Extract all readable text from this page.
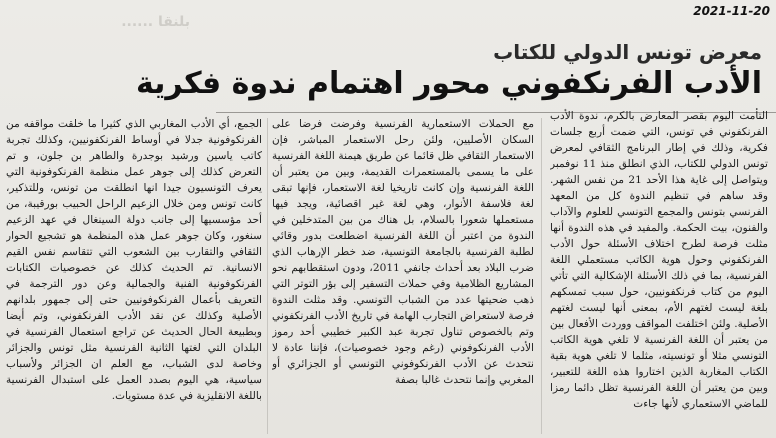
2021-11-20
بلنقا ......
معرض تونس الدولي للكتاب
الأدب الفرنكفوني محور اهتمام ندوة فكرية

التأمت اليوم بقصر المعارض بالكرم، ندوة الأدب الفرنكفوني في تونس، التي ضمت أربع جلسات فكرية، وذلك في إطار البرنامج الثقافي لمعرض تونس الدولي للكتاب، الذي انطلق منذ 11 نوفمبر ويتواصل إلى غاية هذا الأحد 21 من نفس الشهر. وقد ساهم في تنظيم الندوة كل من المعهد الفرنسي بتونس والمجمع التونسي للعلوم والآداب والفنون، بيت الحكمة. والمفيد في هذه الندوة أنها مثلت فرصة لطرح اختلاف الأسئلة حول الأدب الفرنكفوني وحول هوية الكاتب مستعملي اللغة الفرنسية، بما في ذلك الأسئلة الإشكالية التي تأتي اليوم من كتاب فرنكفونيين، حول سبب تمسكهم بلغة ليست لغتهم الأم، بمعنى أنها ليست لغتهم الأصلية. ولئن اختلفت المواقف ووردت الأفعال بين من يعتبر أن اللغة الفرنسية لا تلغي هوية الكاتب التونسي مثلا أو تونسيته، مثلما لا تلغي هوية بقية الكتاب المغاربة الذين اختاروا هذه اللغة للتعبير، وبين من يعتبر أن اللغة الفرنسية تظل دائما رمزا للماضي الاستعماري لأنها جاءت

مع الحملات الاستعمارية الفرنسية وفرضت فرضا على السكان الأصليين، ولئن رحل الاستعمار المباشر، فإن الاستعمار الثقافي ظل قائما عن طريق هيمنة اللغة الفرنسية على ما يسمى بالمستعمرات القديمة، وبين من يعتبر أن اللغة الفرنسية وإن كانت تاريخيا لغة الاستعمار، فإنها تبقى لغة فلاسفة الأنوار، وهي لغة غير اقصائية، ويجد فيها مستعملها شعورا بالسلام، بل هناك من بين المتدخلين في الندوة من اعتبر أن اللغة الفرنسية اضطلعت بدور وقائي لطلبة الفرنسية بالجامعة التونسية، ضد خطر الإرهاب الذي ضرب البلاد بعد أحداث جانفي 2011، ودون استقطابهم نحو المشاريع الظلامية وفي حملات التسفير إلى بؤر التوتر التي ذهب ضحيتها عدد من الشباب التونسي. وقد مثلت الندوة فرصة لاستعراض التجارب الهامة في تاريخ الأدب الفرنكفوني وتم بالخصوص تناول تجربة عبد الكبير خطيبي أحد رموز الأدب الفرنكوفوني (رغم وجود خصوصيات)، فإننا عادة لا نتحدث عن الأدب الفرنكوفوني التونسي أو الجزائري أو المغربي وإنما نتحدث غالبا بصفة

الجمع، أي الأدب المغاربي الذي كثيرا ما خلقت مواقفه من الفرنكوفونية جدلا في أوساط الفرنكفونيين، وكذلك تجربة كاتب ياسين ورشيد بوجدرة والطاهر بن جلون، و تم التعرض كذلك إلى جوهر عمل منظمة الفرنكوفونية التي يعرف التونسيون جيدا انها انطلقت من تونس، وللتذكير، كانت تونس ومن خلال الزعيم الراحل الحبيب بورقيبة، من أحد مؤسسيها إلى جانب دولة السينغال في عهد الزعيم سنغور، وكان جوهر عمل هذه المنظمة هو تشجيع الحوار الثقافي والتقارب بين الشعوب التي تتقاسم نفس القيم الانسانية. تم الحديث كذلك عن خصوصيات الكتابات الفرنكوفونية الفنية والجمالية وعن دور الترجمة في التعريف بأعمال الفرنكوفونيين حتى إلى جمهور بلدانهم الأصلية وكذلك عن نقد الأدب الفرنكفوني، وتم أيضا وبطبيعة الحال الحديث عن تراجع استعمال الفرنسية في البلدان التي لغتها الثانية الفرنسية مثل تونس والجزائر وخاصة لدى الشباب، مع العلم ان الجزائر ولأسباب سياسية، هي اليوم بصدد العمل على استبدال الفرنسية باللغة الانقليزية في عدة مستويات.
